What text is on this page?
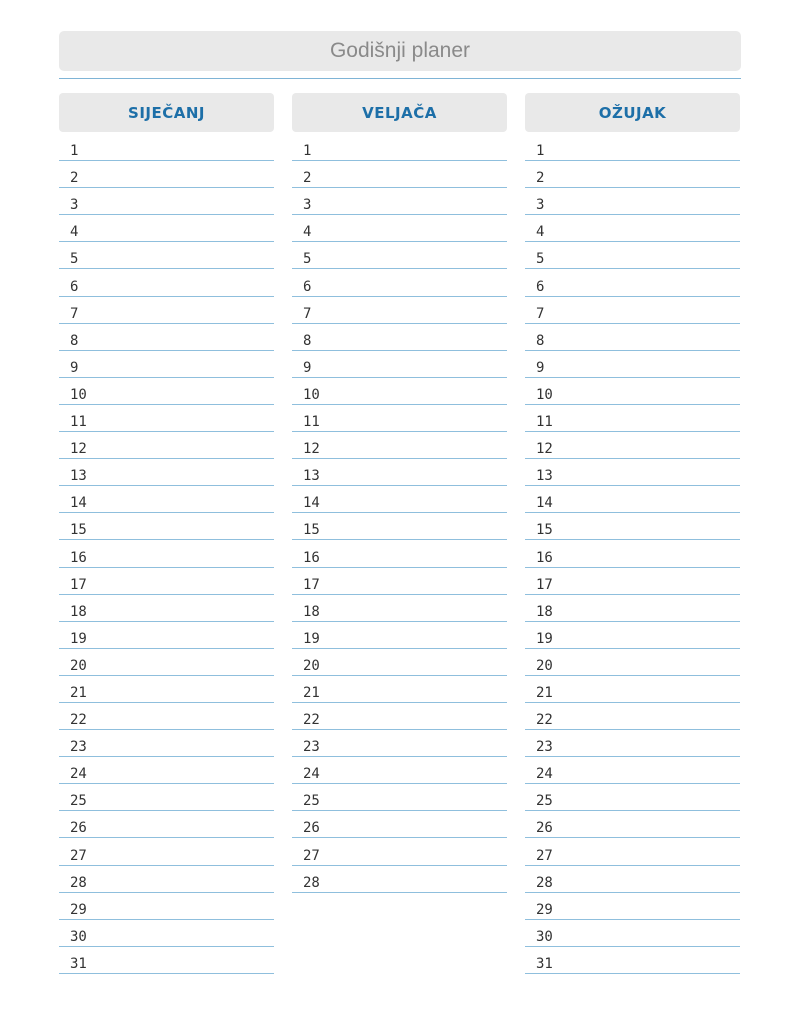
Godišnji planer
SIJEČANJ
1
2
3
4
5
6
7
8
9
10
11
12
13
14
15
16
17
18
19
20
21
22
23
24
25
26
27
28
29
30
31
VELJAČA
1
2
3
4
5
6
7
8
9
10
11
12
13
14
15
16
17
18
19
20
21
22
23
24
25
26
27
28
OŽUJAK
1
2
3
4
5
6
7
8
9
10
11
12
13
14
15
16
17
18
19
20
21
22
23
24
25
26
27
28
29
30
31
